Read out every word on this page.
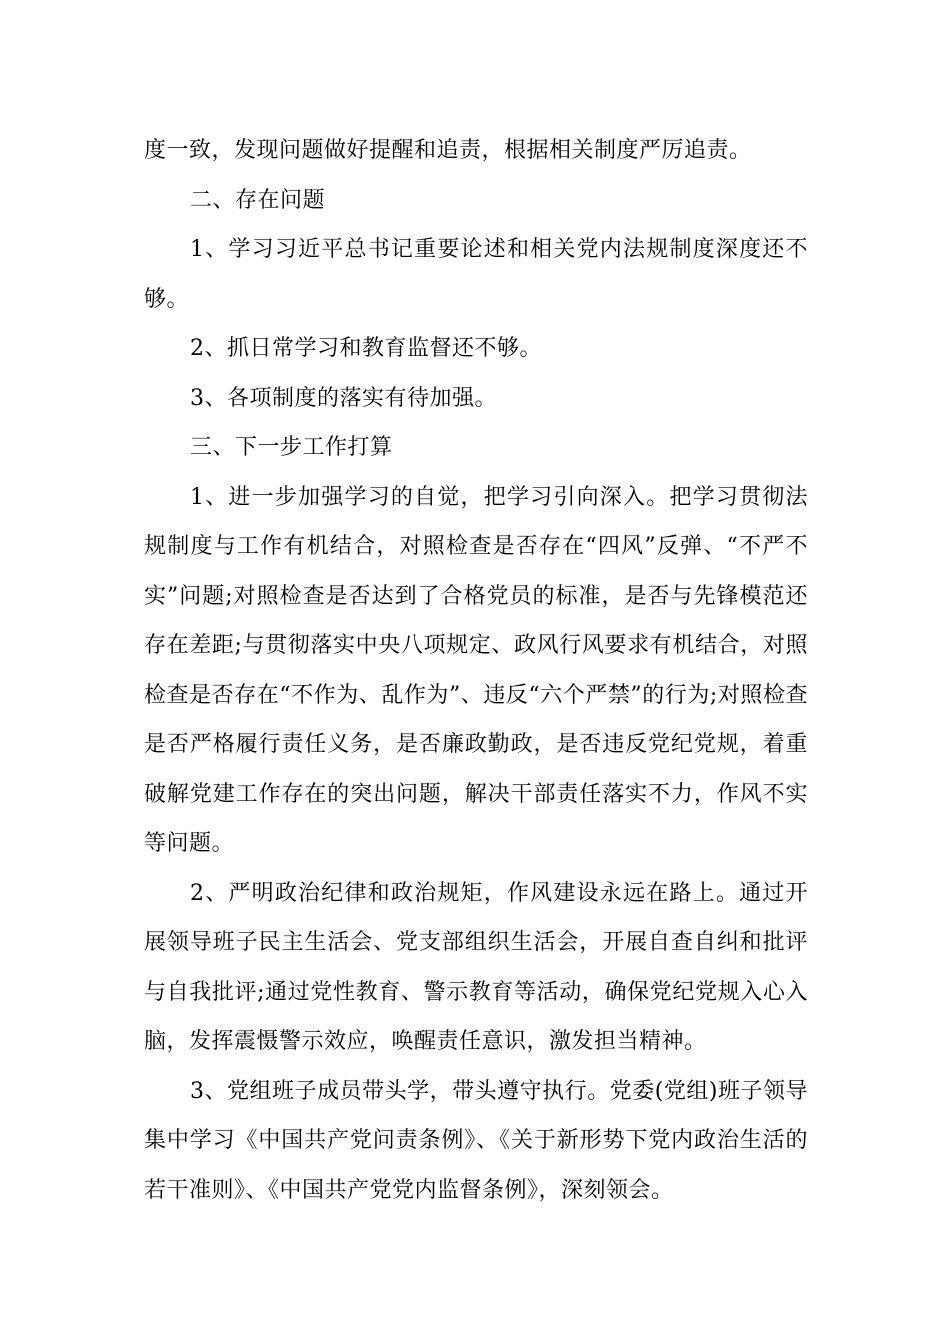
度一致，发现问题做好提醒和追责，根据相关制度严厉追责。

二、存在问题

1、学习习近平总书记重要论述和相关党内法规制度深度还不够。

2、抓日常学习和教育监督还不够。

3、各项制度的落实有待加强。

三、下一步工作打算

1、进一步加强学习的自觉，把学习引向深入。把学习贯彻法规制度与工作有机结合，对照检查是否存在“四风”反弹、“不严不实”问题;对照检查是否达到了合格党员的标准，是否与先锋模范还存在差距;与贯彻落实中央八项规定、政风行风要求有机结合，对照检查是否存在“不作为、乱作为”、违反“六个严禁”的行为;对照检查是否严格履行责任义务，是否廉政勤政，是否违反党纪党规，着重破解党建工作存在的突出问题，解决干部责任落实不力，作风不实等问题。

2、严明政治纪律和政治规矩，作风建设永远在路上。通过开展领导班子民主生活会、党支部组织生活会，开展自查自纠和批评与自我批评;通过党性教育、警示教育等活动，确保党纪党规入心入脑，发挥震慑警示效应，唤醒责任意识，激发担当精神。

3、党组班子成员带头学，带头遵守执行。党委(党组)班子领导集中学习《中国共产党问责条例》、《关于新形势下党内政治生活的若干准则》、《中国共产党党内监督条例》，深刻领会。
